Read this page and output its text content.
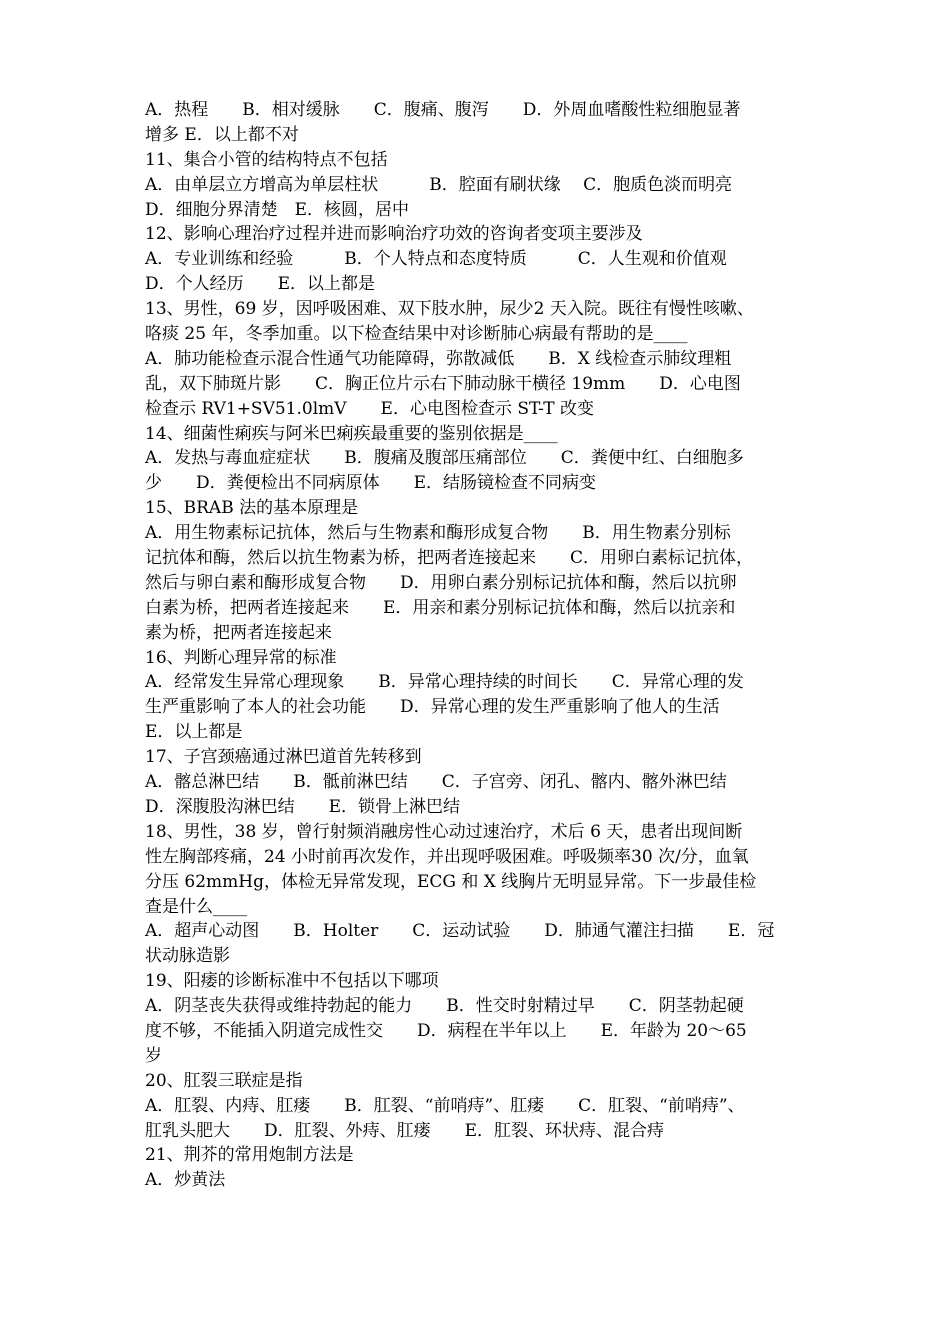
A．热程　　B．相对缓脉　　C．腹痛、腹泻　　D．外周血嗜酸性粒细胞显著
增多 E．以上都不对
11、集合小管的结构特点不包括
A．由单层立方增高为单层柱状　　　B．腔面有刷状缘　 C．胞质色淡而明亮
D．细胞分界清楚　E．核圆，居中
12、影响心理治疗过程并进而影响治疗功效的咨询者变项主要涉及
A．专业训练和经验　　　B．个人特点和态度特质　　　C．人生观和价值观
D．个人经历　　E．以上都是
13、男性，69 岁，因呼吸困难、双下肢水肿，尿少2 天入院。既往有慢性咳嗽、
咯痰 25 年，冬季加重。以下检查结果中对诊断肺心病最有帮助的是____
A．肺功能检查示混合性通气功能障碍，弥散减低　　B．X 线检查示肺纹理粗
乱，双下肺斑片影　　C．胸正位片示右下肺动脉干横径 19mm　　D．心电图
检查示 RV1+SV51.0lmV　　E．心电图检查示 ST-T 改变
14、细菌性痢疾与阿米巴痢疾最重要的鉴别依据是____
A．发热与毒血症症状　　B．腹痛及腹部压痛部位　　C．粪便中红、白细胞多
少　　D．粪便检出不同病原体　　E．结肠镜检查不同病变
15、BRAB 法的基本原理是
A．用生物素标记抗体，然后与生物素和酶形成复合物　　B．用生物素分别标
记抗体和酶，然后以抗生物素为桥，把两者连接起来　　C．用卵白素标记抗体，
然后与卵白素和酶形成复合物　　D．用卵白素分别标记抗体和酶，然后以抗卵
白素为桥，把两者连接起来　　E．用亲和素分别标记抗体和酶，然后以抗亲和
素为桥，把两者连接起来
16、判断心理异常的标准
A．经常发生异常心理现象　　B．异常心理持续的时间长　　C．异常心理的发
生严重影响了本人的社会功能　　D．异常心理的发生严重影响了他人的生活
E．以上都是
17、子宫颈癌通过淋巴道首先转移到
A．髂总淋巴结　　B．骶前淋巴结　　C．子宫旁、闭孔、髂内、髂外淋巴结
D．深腹股沟淋巴结　　E．锁骨上淋巴结
18、男性，38 岁，曾行射频消融房性心动过速治疗，术后 6 天，患者出现间断
性左胸部疼痛，24 小时前再次发作，并出现呼吸困难。呼吸频率30 次/分，血氧
分压 62mmHg，体检无异常发现，ECG 和 X 线胸片无明显异常。下一步最佳检
查是什么____
A．超声心动图　　B．Holter　　C．运动试验　　D．肺通气灌注扫描　　E．冠
状动脉造影
19、阳痿的诊断标准中不包括以下哪项
A．阴茎丧失获得或维持勃起的能力　　B．性交时射精过早　　C．阴茎勃起硬
度不够，不能插入阴道完成性交　　D．病程在半年以上　　E．年龄为 20～65
岁
20、肛裂三联症是指
A．肛裂、内痔、肛瘘　　B．肛裂、“前哨痔”、肛瘘　　C．肛裂、“前哨痔”、
肛乳头肥大　　D．肛裂、外痔、肛瘘　　E．肛裂、环状痔、混合痔
21、荆芥的常用炮制方法是
A．炒黄法
